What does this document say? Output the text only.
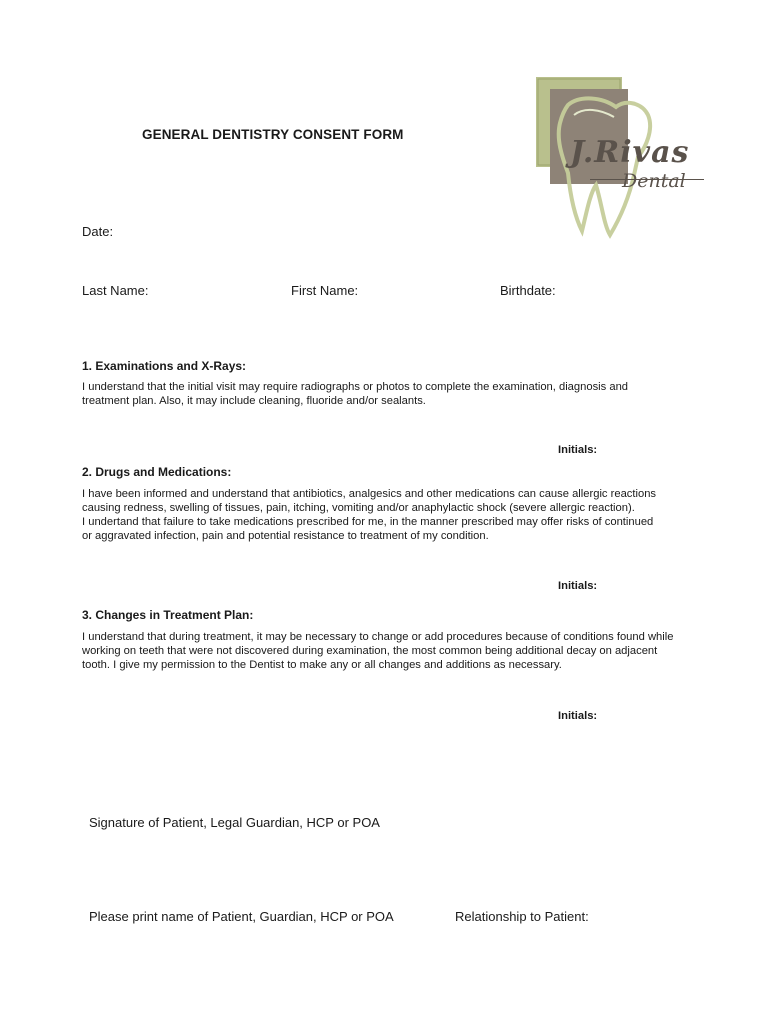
GENERAL DENTISTRY CONSENT FORM
J.Rivas
Dental
Date:
Last Name:	First Name:	Birthdate:
1. Examinations and X-Rays:
I understand that the initial visit may require radiographs or photos to complete the examination, diagnosis and
treatment plan. Also, it may include cleaning, fluoride and/or sealants.
Initials:
2. Drugs and Medications:
I have been informed and understand that antibiotics, analgesics and other medications can cause allergic reactions
causing redness, swelling of tissues, pain, itching, vomiting and/or anaphylactic shock (severe allergic reaction).
I undertand that failure to take medications prescribed for me, in the manner prescribed may offer risks of continued
or aggravated infection, pain and potential resistance to treatment of my condition.
Initials:
3. Changes in Treatment Plan:
I understand that during treatment, it may be necessary to change or add procedures because of conditions found while
working on teeth that were not discovered during examination, the most common being additional decay on adjacent
tooth. I give my permission to the Dentist to make any or all changes and additions as necessary.
Initials:
Signature of Patient, Legal Guardian, HCP or POA
Please print name of Patient, Guardian, HCP or POA	Relationship to Patient:
